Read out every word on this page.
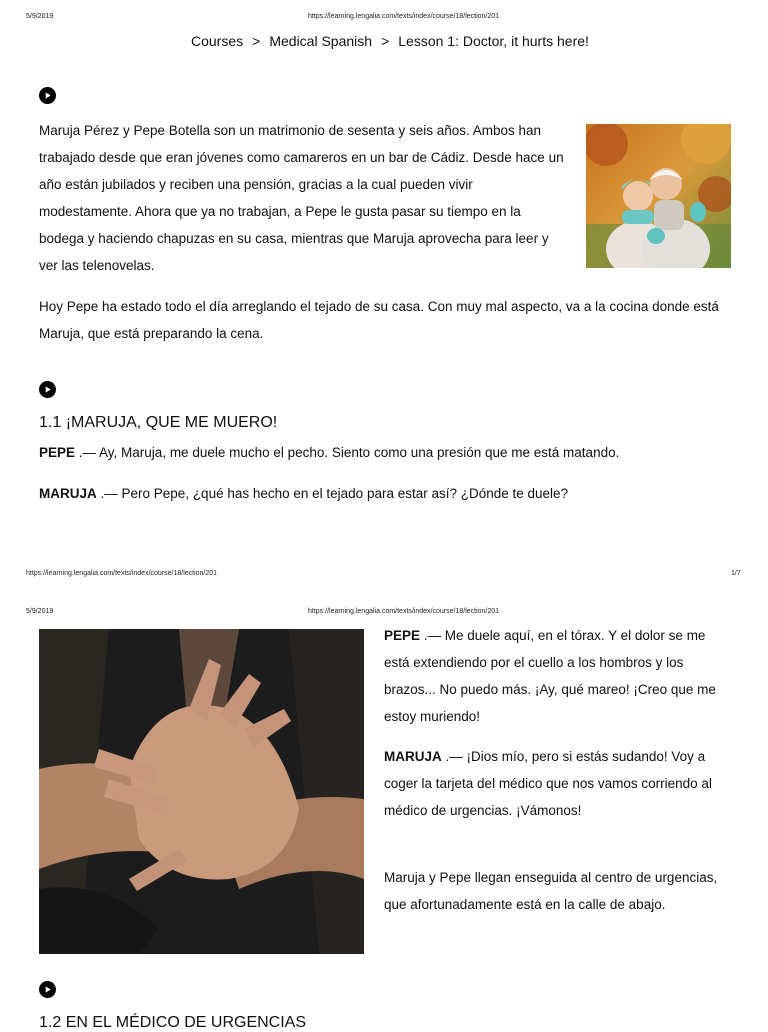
5/9/2019	https://learning.lengalia.com/texts/index/course/18/lection/201
Courses > Medical Spanish > Lesson 1: Doctor, it hurts here!

Maruja Pérez y Pepe Botella son un matrimonio de sesenta y seis años. Ambos han trabajado desde que eran jóvenes como camareros en un bar de Cádiz. Desde hace un año están jubilados y reciben una pensión, gracias a la cual pueden vivir modestamente. Ahora que ya no trabajan, a Pepe le gusta pasar su tiempo en la bodega y haciendo chapuzas en su casa, mientras que Maruja aprovecha para leer y ver las telenovelas.

Hoy Pepe ha estado todo el día arreglando el tejado de su casa. Con muy mal aspecto, va a la cocina donde está Maruja, que está preparando la cena.

1.1 ¡MARUJA, QUE ME MUERO!

PEPE .— Ay, Maruja, me duele mucho el pecho. Siento como una presión que me está matando.

MARUJA .— Pero Pepe, ¿qué has hecho en el tejado para estar así? ¿Dónde te duele?

https://learning.lengalia.com/texts/index/course/18/lection/201	1/7
5/9/2019	https://learning.lengalia.com/texts/index/course/18/lection/201

PEPE .— Me duele aquí, en el tórax. Y el dolor se me está extendiendo por el cuello a los hombros y los brazos... No puedo más. ¡Ay, qué mareo! ¡Creo que me estoy muriendo!

MARUJA .— ¡Dios mío, pero si estás sudando! Voy a coger la tarjeta del médico que nos vamos corriendo al médico de urgencias. ¡Vámonos!

Maruja y Pepe llegan enseguida al centro de urgencias, que afortunadamente está en la calle de abajo.

1.2 EN EL MÉDICO DE URGENCIAS
